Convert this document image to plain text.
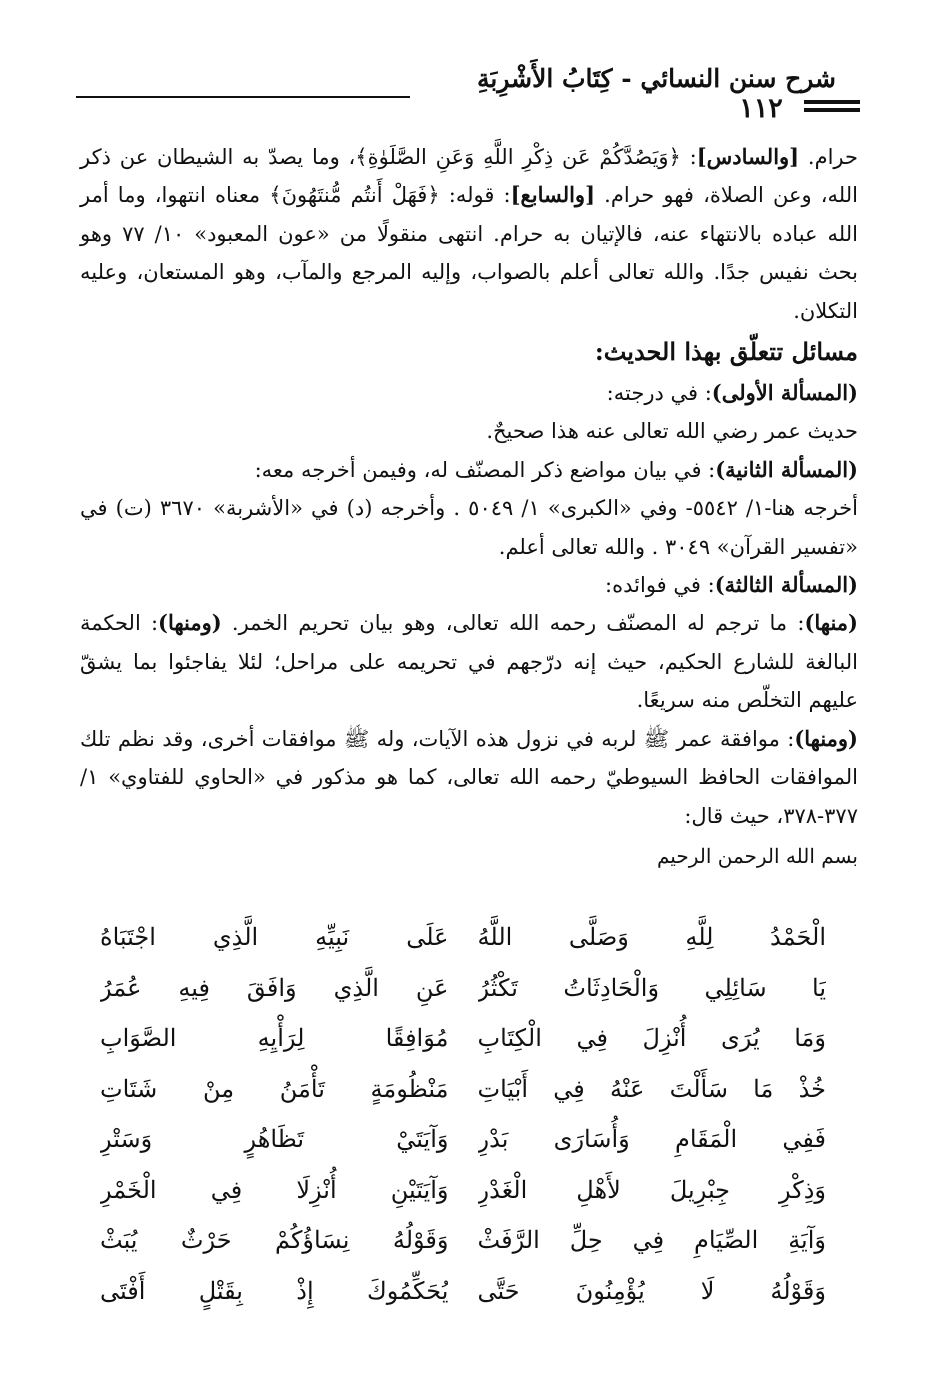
شرح سنن النسائي - كِتَابُ الأَشْرِبَةِ
١١٢

حرام. [والسادس]: ﴿وَيَصُدَّكُمْ عَن ذِكْرِ اللَّهِ وَعَنِ الصَّلَوٰةِ﴾، وما يصدّ به الشيطان عن ذكر الله، وعن الصلاة، فهو حرام. [والسابع]: قوله: ﴿فَهَلْ أَنتُم مُّنتَهُونَ﴾ معناه انتهوا، وما أمر الله عباده بالانتهاء عنه، فالإتيان به حرام. انتهى منقولًا من «عون المعبود» ١٠/ ٧٧ وهو بحث نفيس جدًا. والله تعالى أعلم بالصواب، وإليه المرجع والمآب، وهو المستعان، وعليه التكلان.

مسائل تتعلّق بهذا الحديث:

(المسألة الأولى): في درجته:

حديث عمر رضي الله تعالى عنه هذا صحيحٌ.

(المسألة الثانية): في بيان مواضع ذكر المصنّف له، وفيمن أخرجه معه:

أخرجه هنا-١/ ٥٥٤٢- وفي «الكبرى» ١/ ٥٠٤٩ . وأخرجه (د) في «الأشربة» ٣٦٧٠ (ت) في «تفسير القرآن» ٣٠٤٩ . والله تعالى أعلم.

(المسألة الثالثة): في فوائده:

(منها): ما ترجم له المصنّف رحمه الله تعالى، وهو بيان تحريم الخمر. (ومنها): الحكمة البالغة للشارع الحكيم، حيث إنه درّجهم في تحريمه على مراحل؛ لئلا يفاجئوا بما يشقّ عليهم التخلّص منه سريعًا.

(ومنها): موافقة عمر ﷺ لربه في نزول هذه الآيات، وله ﷺ موافقات أخرى، وقد نظم تلك الموافقات الحافظ السيوطيّ رحمه الله تعالى، كما هو مذكور في «الحاوي للفتاوي» ١/ ٣٧٧-٣٧٨، حيث قال:

بسم الله الرحمن الرحيم

الْحَمْدُ لِلَّهِ وَصَلَّى اللَّهُ
عَلَى نَبِيِّهِ الَّذِي اجْتَبَاهُ
يَا سَائِلِي وَالْحَادِثَاتُ تَكْثُرُ
عَنِ الَّذِي وَافَقَ فِيهِ عُمَرُ
وَمَا يُرَى أُنْزِلَ فِي الْكِتَابِ
مُوَافِقًا لِرَأْيِهِ الصَّوَابِ
خُذْ مَا سَأَلْتَ عَنْهُ فِي أَبْيَاتِ
مَنْظُومَةٍ تَأْمَنُ مِنْ شَتَاتِ
فَفِي الْمَقَامِ وَأُسَارَى بَدْرِ
وَآيَتَيْ تَظَاهُرٍ وَسَتْرِ
وَذِكْرِ جِبْرِيلَ لأَهْلِ الْغَدْرِ
وَآيَتَيْنِ أُنْزِلَا فِي الْخَمْرِ
وَآيَةِ الصِّيَامِ فِي حِلِّ الرَّفَثْ
وَقَوْلُهُ نِسَاؤُكُمْ حَرْثٌ يُبَثْ
وَقَوْلُهُ لَا يُؤْمِنُونَ حَتَّى
يُحَكِّمُوكَ إِذْ بِقَتْلٍ أَفْتَى
